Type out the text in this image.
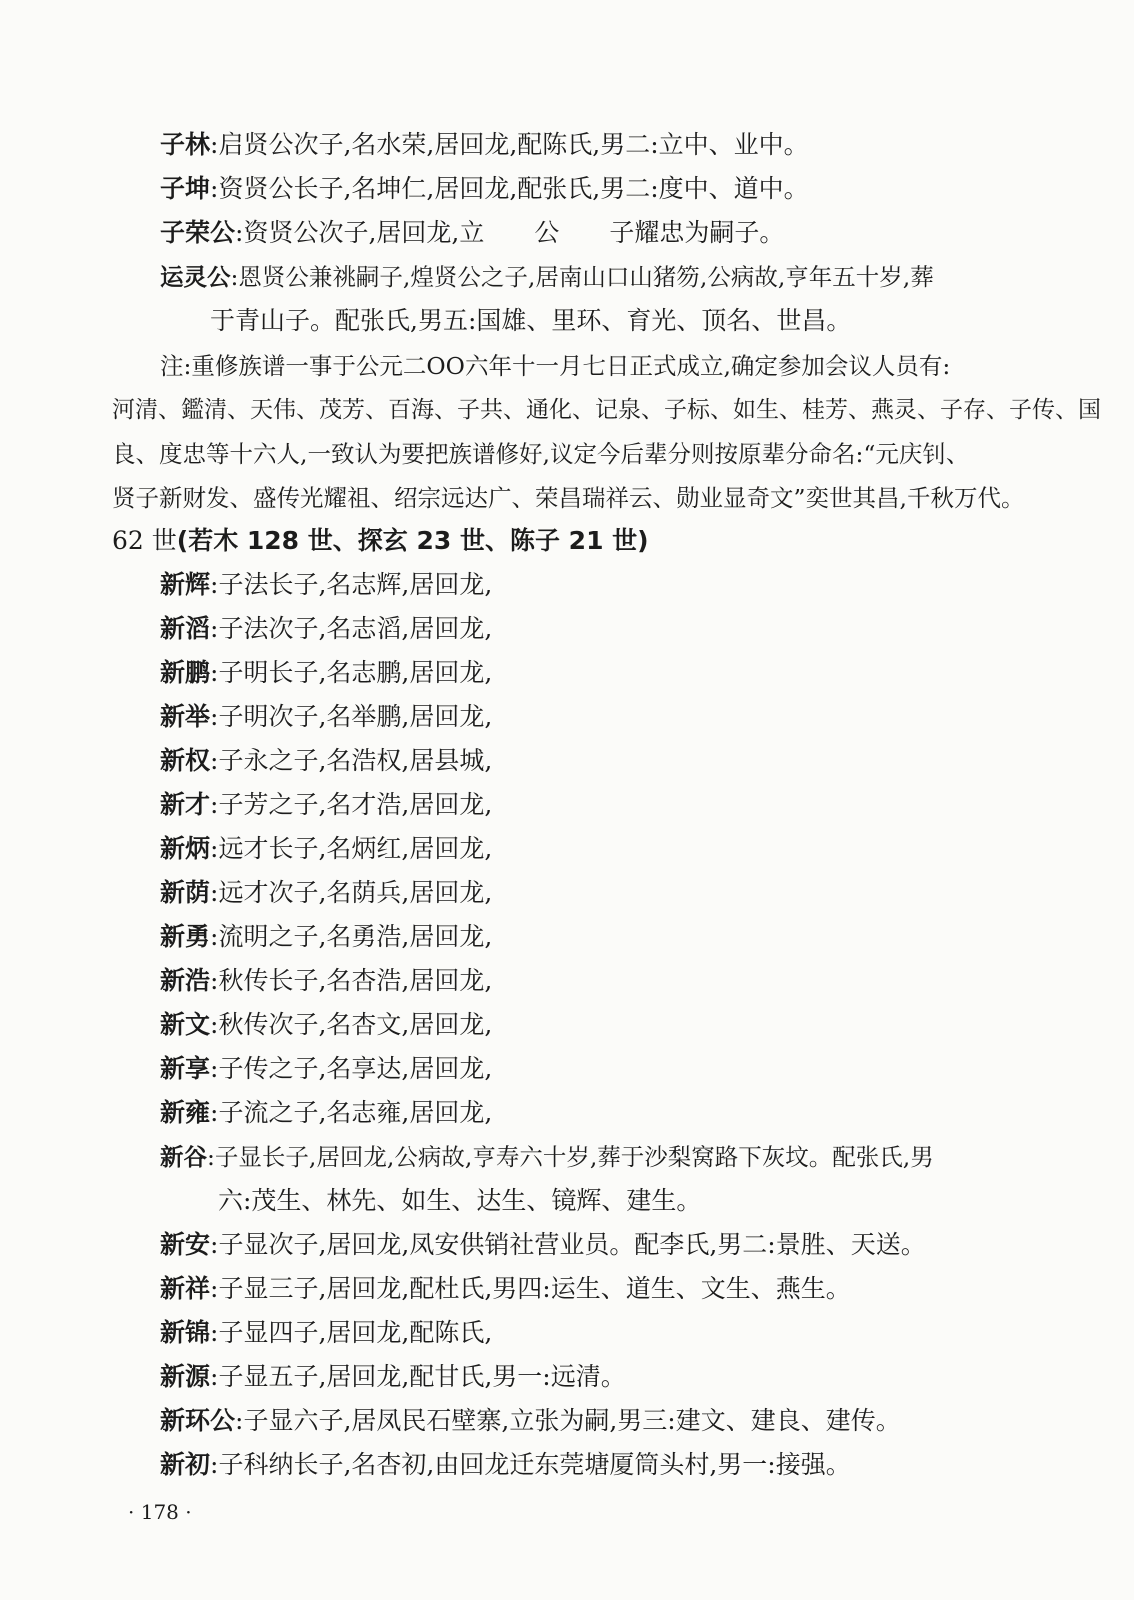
子林:启贤公次子,名水荣,居回龙,配陈氏,男二:立中、业中。
子坤:资贤公长子,名坤仁,居回龙,配张氏,男二:度中、道中。
子荣公:资贤公次子,居回龙,立　　公　　子耀忠为嗣子。
运灵公:恩贤公兼祧嗣子,煌贤公之子,居南山口山猪笏,公病故,亨年五十岁,葬
于青山子。配张氏,男五:国雄、里环、育光、顶名、世昌。
注:重修族谱一事于公元二OO六年十一月七日正式成立,确定参加会议人员有:
河清、鑑清、天伟、茂芳、百海、子共、通化、记泉、子标、如生、桂芳、燕灵、子存、子传、国
良、度忠等十六人,一致认为要把族谱修好,议定今后辈分则按原辈分命名:“元庆钊、
贤子新财发、盛传光耀祖、绍宗远达广、荣昌瑞祥云、勋业显奇文”奕世其昌,千秋万代。
62 世(若木 128 世、探玄 23 世、陈子 21 世)
新辉:子法长子,名志辉,居回龙,
新滔:子法次子,名志滔,居回龙,
新鹏:子明长子,名志鹏,居回龙,
新举:子明次子,名举鹏,居回龙,
新权:子永之子,名浩权,居县城,
新才:子芳之子,名才浩,居回龙,
新炳:远才长子,名炳红,居回龙,
新荫:远才次子,名荫兵,居回龙,
新勇:流明之子,名勇浩,居回龙,
新浩:秋传长子,名杏浩,居回龙,
新文:秋传次子,名杏文,居回龙,
新享:子传之子,名享达,居回龙,
新雍:子流之子,名志雍,居回龙,
新谷:子显长子,居回龙,公病故,亨寿六十岁,葬于沙梨窝路下灰坟。配张氏,男
六:茂生、林先、如生、达生、镜辉、建生。
新安:子显次子,居回龙,凤安供销社营业员。配李氏,男二:景胜、天送。
新祥:子显三子,居回龙,配杜氏,男四:运生、道生、文生、燕生。
新锦:子显四子,居回龙,配陈氏,
新源:子显五子,居回龙,配甘氏,男一:远清。
新环公:子显六子,居凤民石壁寨,立张为嗣,男三:建文、建良、建传。
新初:子科纳长子,名杏初,由回龙迁东莞塘厦筒头村,男一:接强。
· 178 ·
